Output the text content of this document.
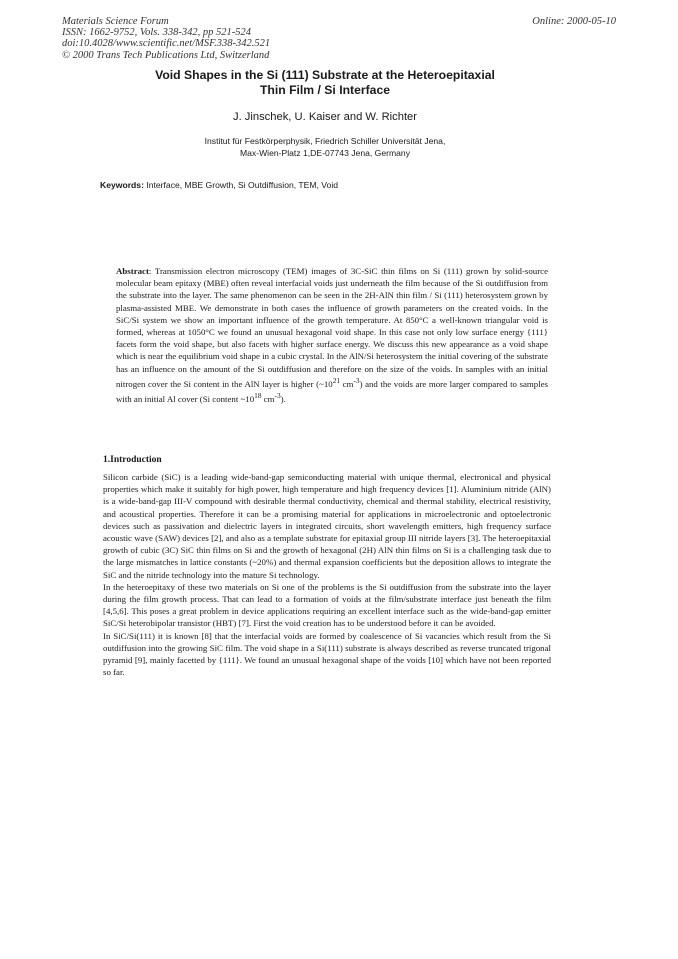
Materials Science Forum
ISSN: 1662-9752, Vols. 338-342, pp 521-524
doi:10.4028/www.scientific.net/MSF.338-342.521
© 2000 Trans Tech Publications Ltd, Switzerland
Online: 2000-05-10
Void Shapes in the Si (111) Substrate at the Heteroepitaxial
Thin Film / Si Interface
J. Jinschek, U. Kaiser and W. Richter
Institut für Festkörperphysik, Friedrich Schiller Universität Jena,
Max-Wien-Platz 1,DE-07743 Jena, Germany
Keywords: Interface, MBE Growth, Si Outdiffusion, TEM, Void
Abstract: Transmission electron microscopy (TEM) images of 3C-SiC thin films on Si (111) grown by solid-source molecular beam epitaxy (MBE) often reveal interfacial voids just underneath the film because of the Si outdiffusion from the substrate into the layer. The same phenomenon can be seen in the 2H-AlN thin film / Si (111) heterosystem grown by plasma-assisted MBE. We demonstrate in both cases the influence of growth parameters on the created voids. In the SiC/Si system we show an important influence of the growth temperature. At 850°C a well-known triangular void is formed, whereas at 1050°C we found an unusual hexagonal void shape. In this case not only low surface energy {111} facets form the void shape, but also facets with higher surface energy. We discuss this new appearance as a void shape which is near the equilibrium void shape in a cubic crystal. In the AlN/Si heterosystem the initial covering of the substrate has an influence on the amount of the Si outdiffusion and therefore on the size of the voids. In samples with an initial nitrogen cover the Si content in the AlN layer is higher ($\sim 10^{21}$ $cm^{-3}$) and the voids are more larger compared to samples with an initial Al cover (Si content $\sim 10^{18}$ $cm^{-3}$).
1.Introduction

Silicon carbide (SiC) is a leading wide-band-gap semiconducting material with unique thermal, electronical and physical properties which make it suitably for high power, high temperature and high frequency devices [1]. Aluminium nitride (AlN) is a wide-band-gap III-V compound with desirable thermal conductivity, chemical and thermal stability, electrical resistivity, and acoustical properties. Therefore it can be a promising material for applications in microelectronic and optoelectronic devices such as passivation and dielectric layers in integrated circuits, short wavelength emitters, high frequency surface acoustic wave (SAW) devices [2], and also as a template substrate for epitaxial group III nitride layers [3]. The heteroepitaxial growth of cubic (3C) SiC thin films on Si and the growth of hexagonal (2H) AlN thin films on Si is a challenging task due to the large mismatches in lattice constants (~20%) and thermal expansion coefficients but the deposition allows to integrate the SiC and the nitride technology into the mature Si technology.

In the heteroepitaxy of these two materials on Si one of the problems is the Si outdiffusion from the substrate into the layer during the film growth process. That can lead to a formation of voids at the film/substrate interface just beneath the film [4,5,6]. This poses a great problem in device applications requiring an excellent interface such as the wide-band-gap emitter SiC/Si heterobipolar transistor (HBT) [7]. First the void creation has to be understood before it can be avoided.

In SiC/Si(111) it is known [8] that the interfacial voids are formed by coalescence of Si vacancies which result from the Si outdiffusion into the growing SiC film. The void shape in a Si(111) substrate is always described as reverse truncated trigonal pyramid [9], mainly facetted by {111}. We found an unusual hexagonal shape of the voids [10] which have not been reported so far.
